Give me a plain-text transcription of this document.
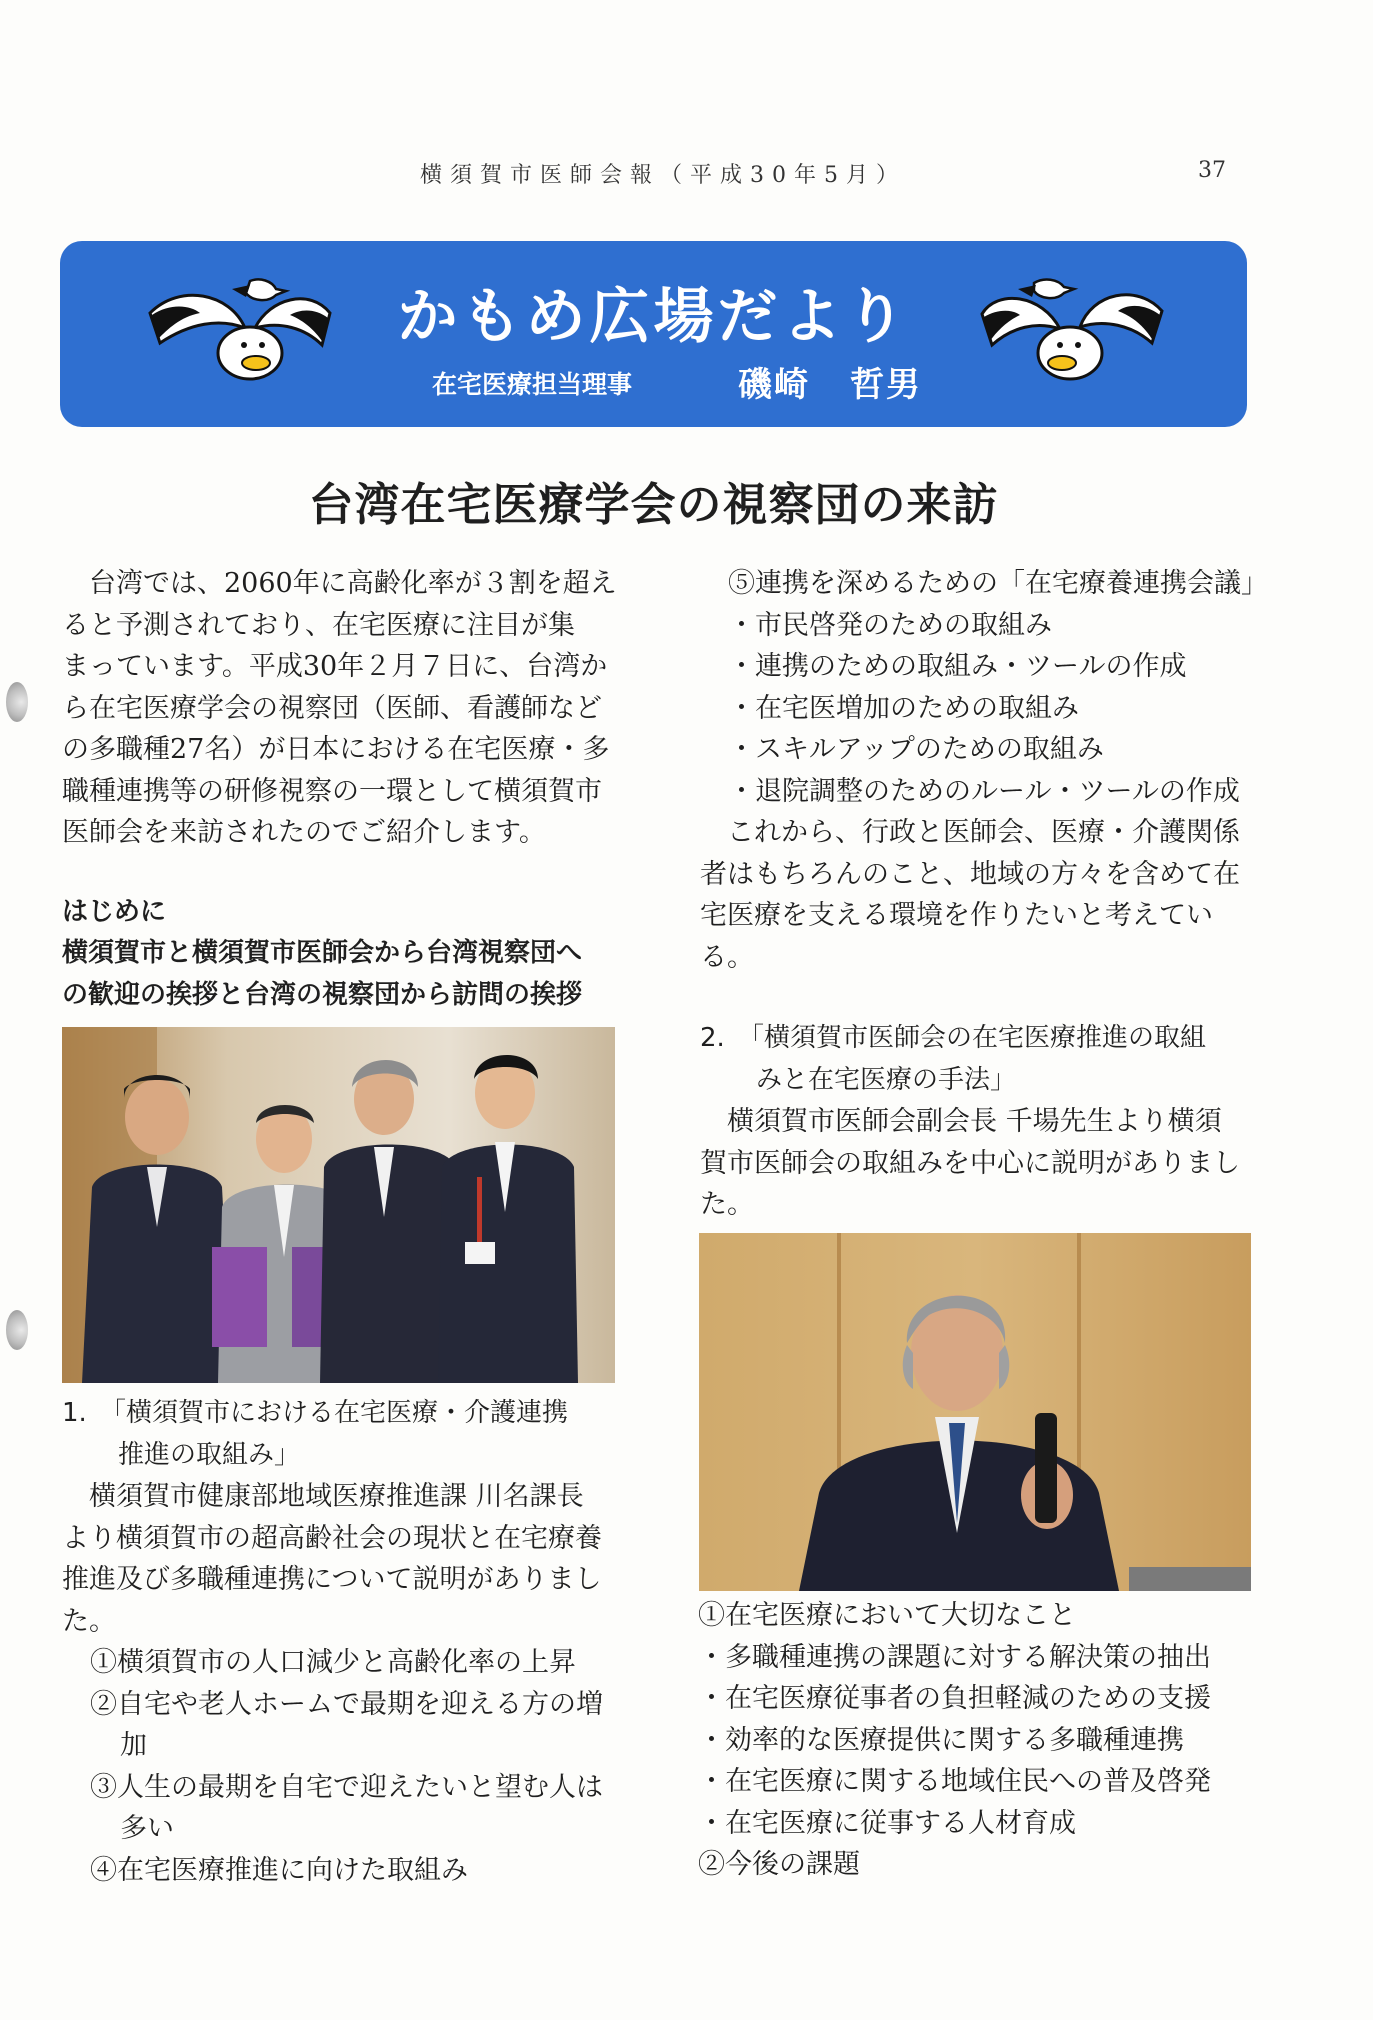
横須賀市医師会報（平成30年5月）	37
かもめ広場だより
在宅医療担当理事	磯崎 哲男
台湾在宅医療学会の視察団の来訪

台湾では、2060年に高齢化率が３割を超え

ると予測されており、在宅医療に注目が集

まっています。平成30年２月７日に、台湾か

ら在宅医療学会の視察団（医師、看護師など

の多職種27名）が日本における在宅医療・多

職種連携等の研修視察の一環として横須賀市

医師会を来訪されたのでご紹介します。

はじめに

横須賀市と横須賀市医師会から台湾視察団へ

の歓迎の挨拶と台湾の視察団から訪問の挨拶

1. 「横須賀市における在宅医療・介護連携

推進の取組み」

横須賀市健康部地域医療推進課 川名課長

より横須賀市の超高齢社会の現状と在宅療養

推進及び多職種連携について説明がありまし

た。

①横須賀市の人口減少と高齢化率の上昇

②自宅や老人ホームで最期を迎える方の増

加

③人生の最期を自宅で迎えたいと望む人は

多い

④在宅医療推進に向けた取組み

⑤連携を深めるための「在宅療養連携会議」

・市民啓発のための取組み

・連携のための取組み・ツールの作成

・在宅医増加のための取組み

・スキルアップのための取組み

・退院調整のためのルール・ツールの作成

これから、行政と医師会、医療・介護関係

者はもちろんのこと、地域の方々を含めて在

宅医療を支える環境を作りたいと考えてい

る。

2. 「横須賀市医師会の在宅医療推進の取組

みと在宅医療の手法」

横須賀市医師会副会長 千場先生より横須

賀市医師会の取組みを中心に説明がありまし

た。

①在宅医療において大切なこと

・多職種連携の課題に対する解決策の抽出

・在宅医療従事者の負担軽減のための支援

・効率的な医療提供に関する多職種連携

・在宅医療に関する地域住民への普及啓発

・在宅医療に従事する人材育成

②今後の課題
